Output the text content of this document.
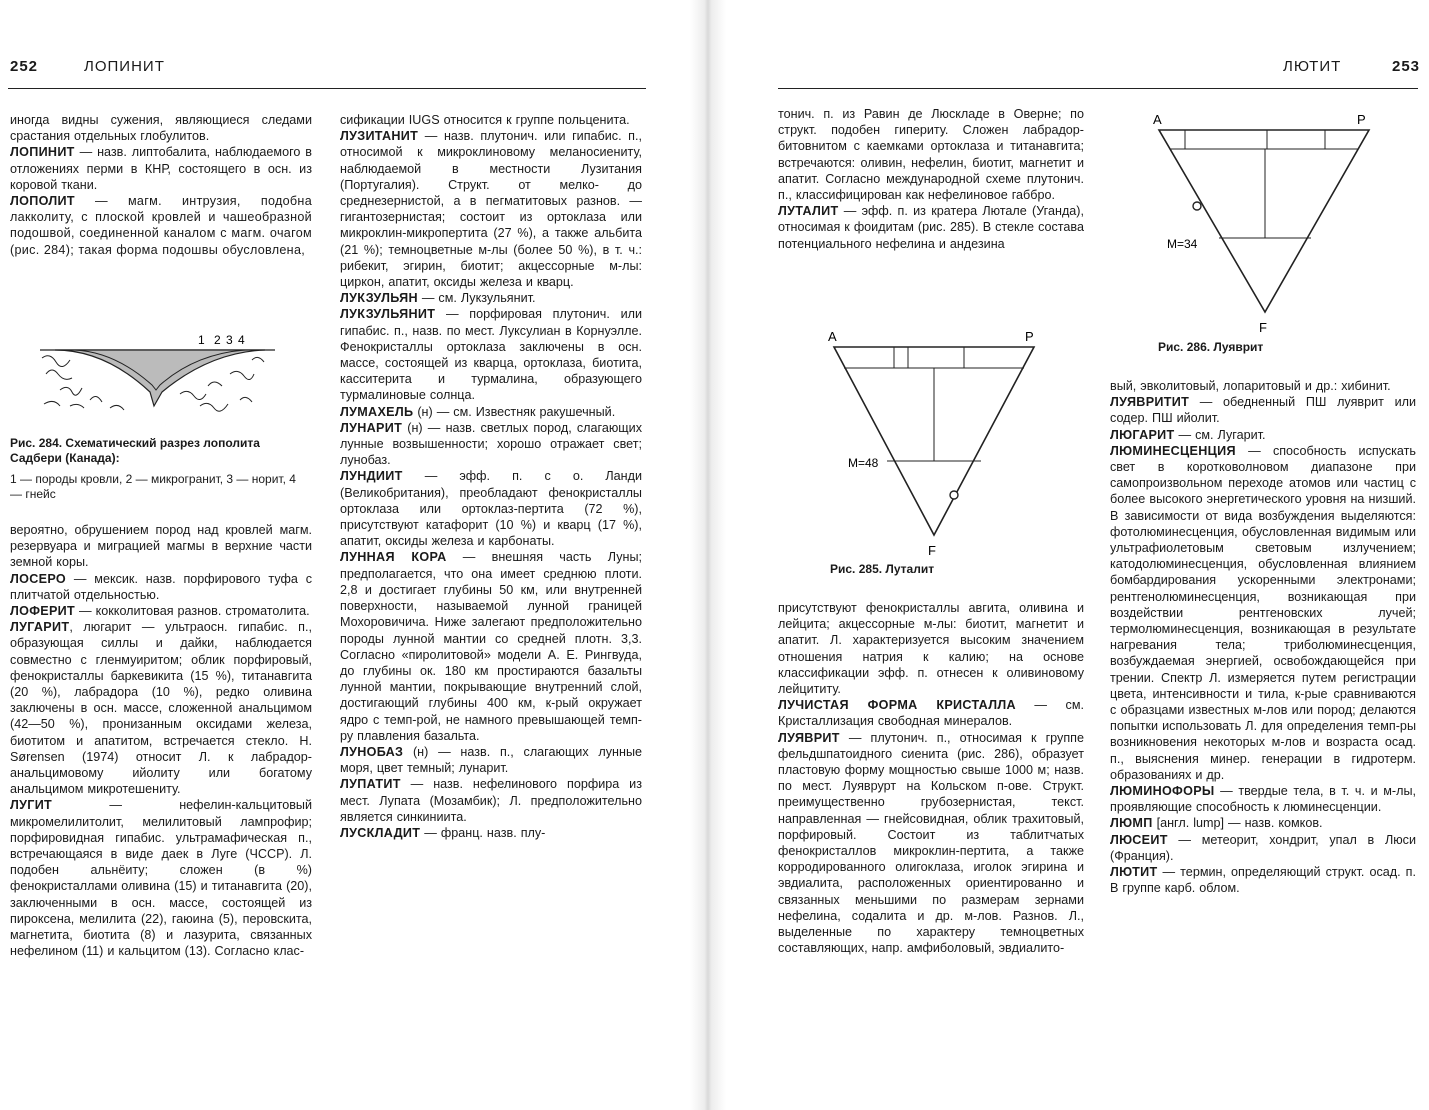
252	ЛОПИНИТ

иногда видны сужения, являющиеся следами срастания отдельных глобулитов.

ЛОПИНИТ — назв. липтобалита, наблюдаемого в отложениях перми в КНР, состоящего в осн. из коровой ткани.

ЛОПОЛИТ — магм. интрузия, подобна лакколиту, с плоской кровлей и чашеобразной подошвой, соединеннoй каналом с магм. очагом (рис. 284); такая форма подошвы обусловлена,

1 2 3 4
Рис. 284. Схематический разрез лополита Садбери (Канада):
1 — породы кровли, 2 — микрогранит, 3 — норит, 4 — гнейс

вероятно, обрушением пород над кровлей магм. резервуара и миграцией магмы в верхние части земной коры.

ЛОСЕРО — мексик. назв. порфирового туфа с плитчатой отдельностью.

ЛОФЕРИТ — кокколитовая разнов. строматолита.

ЛУГАРИТ, люгарит — ультраосн. гипабис. п., образующая силлы и дайки, наблюдается совместно с гленмуиритом; облик порфировый, фенокристаллы баркевикита (15 %), титанавгита (20 %), лабрадора (10 %), редко оливина заключены в осн. массе, сложенной анальцимом (42—50 %), пронизанным оксидами железа, биотитом и апатитом, встречается стекло. H. Sørensen (1974) относит Л. к лабрадор-анальцимовому ийолиту или богатому анальцимом микротешениту.

ЛУГИТ — нефелин-кальцитовый микромелилитолит, мелилитовый лампрофир; порфировидная гипабис. ультрамафическая п., встречающаяся в виде даек в Луге (ЧССР). Л. подобен альнёиту; сложен (в %) фенокристаллами оливина (15) и титанавгита (20), заключенными в осн. массе, состоящей из пироксена, мелилита (22), гаюина (5), перовскита, магнетита, биотита (8) и лазурита, связанных нефелином (11) и кальцитом (13). Согласно клас-

сификации IUGS относится к группе польценита.

ЛУЗИТАНИТ — назв. плутонич. или гипабис. п., относимой к микроклиновому меланосиениту, наблюдаемой в местности Лузитания (Португалия). Структ. от мелко- до среднезернистой, а в пегматитовых разнов. — гигантозернистая; состоит из ортоклаза или микроклин-микропертита (27 %), а также альбита (21 %); темноцветные м-лы (более 50 %), в т. ч.: рибекит, эгирин, биотит; акцессорные м-лы: циркон, апатит, оксиды железа и кварц.

ЛУКЗУЛЬЯН — см. Лукзульянит.

ЛУКЗУЛЬЯНИТ — порфировая плутонич. или гипабис. п., назв. по мест. Луксулиан в Корнуэлле. Фенокристаллы ортоклаза заключены в осн. массе, состоящей из кварца, ортоклаза, биотита, касситерита и турмалина, образующего турмалиновые солнца.

ЛУМАХЕЛЬ (н) — см. Известняк ракушечный.

ЛУНАРИТ (н) — назв. светлых пород, слагающих лунные возвышенности; хорошо отражает свет; лунобаз.

ЛУНДИИТ — эфф. п. с о. Ланди (Великобритания), преобладают фенокристаллы ортоклаза или ортоклаз-пертита (72 %), присутствуют катафорит (10 %) и кварц (17 %), апатит, оксиды железа и карбонаты.

ЛУННАЯ КОРА — внешняя часть Луны; предполагается, что она имеет среднюю плоти. 2,8 и достигает глубины 50 км, или внутренней поверхности, называемой лунной границей Мохоровичича. Ниже залегают предположительно породы лунной мантии со средней плотн. 3,3. Согласно «пиролитовой» модели А. Е. Рингвуда, до глубины ок. 180 км простираются базальты лунной мантии, покрывающие внутренний слой, достигающий глубины 400 км, к-рый окружает ядро с темп-рой, не намного превышающей темп-ру плавления базальта.

ЛУНОБАЗ (н) — назв. п., слагающих лунные моря, цвет темный; лунарит.

ЛУПАТИТ — назв. нефелинового порфира из мест. Лупата (Мозамбик); Л. предположительно является синкиниита.

ЛУСКЛАДИТ — франц. назв. плу-

ЛЮТИТ	253

тонич. п. из Равин де Люскладе в Оверне; по структ. подобен гипериту. Сложен лабрадор-битовнитом с каемками ортоклаза и титанавгита; встречаются: оливин, нефелин, биотит, магнетит и апатит. Согласно международной схеме плутонич. п., классифицирован как нефелиновое габбро.

ЛУТАЛИТ — эфф. п. из кратера Лютале (Уганда), относимая к фоидитам (рис. 285). В стекле состава потенциального нефелина и андезина

A	P
M=48
F
Рис. 285. Луталит
A	P
M=34
F
Рис. 286. Луяврит

присутствуют фенокристаллы авгита, оливина и лейцита; акцессорные м-лы: биотит, магнетит и апатит. Л. характеризуется высоким значением отношения натрия к калию; на основе классификации эфф. п. отнесен к оливиновому лейцититу.

ЛУЧИСТАЯ ФОРМА КРИСТАЛЛА — см. Кристаллизация свободная минералов.

ЛУЯВРИТ — плутонич. п., относимая к группе фельдшпатоидного сиенита (рис. 286), образует пластовую форму мощностью свыше 1000 м; назв. по мест. Луяврурт на Кольском п-ове. Структ. преимущественно грубозернистая, текст. направленная — гнейсовидная, облик трахитовый, порфировый. Состоит из таблитчатых фенокристаллов микроклин-пертита, а также корродированного олигоклаза, иголок эгирина и эвдиалита, расположенных ориентированно и связанных меньшими по размерам зернами нефелина, содалита и др. м-лов. Разнов. Л., выделенные по характеру темноцветных составляющих, напр. амфиболовый, эвдиалито-

вый, эвколитовый, лопаритовый и др.: хибинит.

ЛУЯВРИТИТ — обедненный ПШ луяврит или содер. ПШ ийолит.

ЛЮГАРИТ — см. Лугарит.

ЛЮМИНЕСЦЕНЦИЯ — способность испускать свет в коротковолновом диапазоне при самопроизвольном переходе атомов или частиц с более высокого энергетического уровня на низший. В зависимости от вида возбуждения выделяются: фотолюминесценция, обусловленная видимым или ультрафиолетовым световым излучением; катодолюминесценция, обусловленная влиянием бомбардирования ускоренными электронами; рентгенолюминесценция, возникающая при воздействии рентгеновских лучей; термолюминесценция, возникающая в результате нагревания тела; триболюминесценция, возбуждаемая энергией, освобождающейся при трении. Спектр Л. измеряется путем регистрации цвета, интенсивности и тила, к-рые сравниваются с образцами известных м-лов или пород; делаются попытки использовать Л. для определения темп-ры возникновения некоторых м-лов и возраста осад. п., выяснения минер. генерации в гидротерм. образованиях и др.

ЛЮМИНОФОРЫ — твердые тела, в т. ч. и м-лы, проявляющие способность к люминесценции.

ЛЮМП [англ. lump] — назв. комков.

ЛЮСЕИТ — метеорит, хондрит, упал в Люси (Франция).

ЛЮТИТ — термин, определяющий структ. осад. п. В группе карб. облом.
